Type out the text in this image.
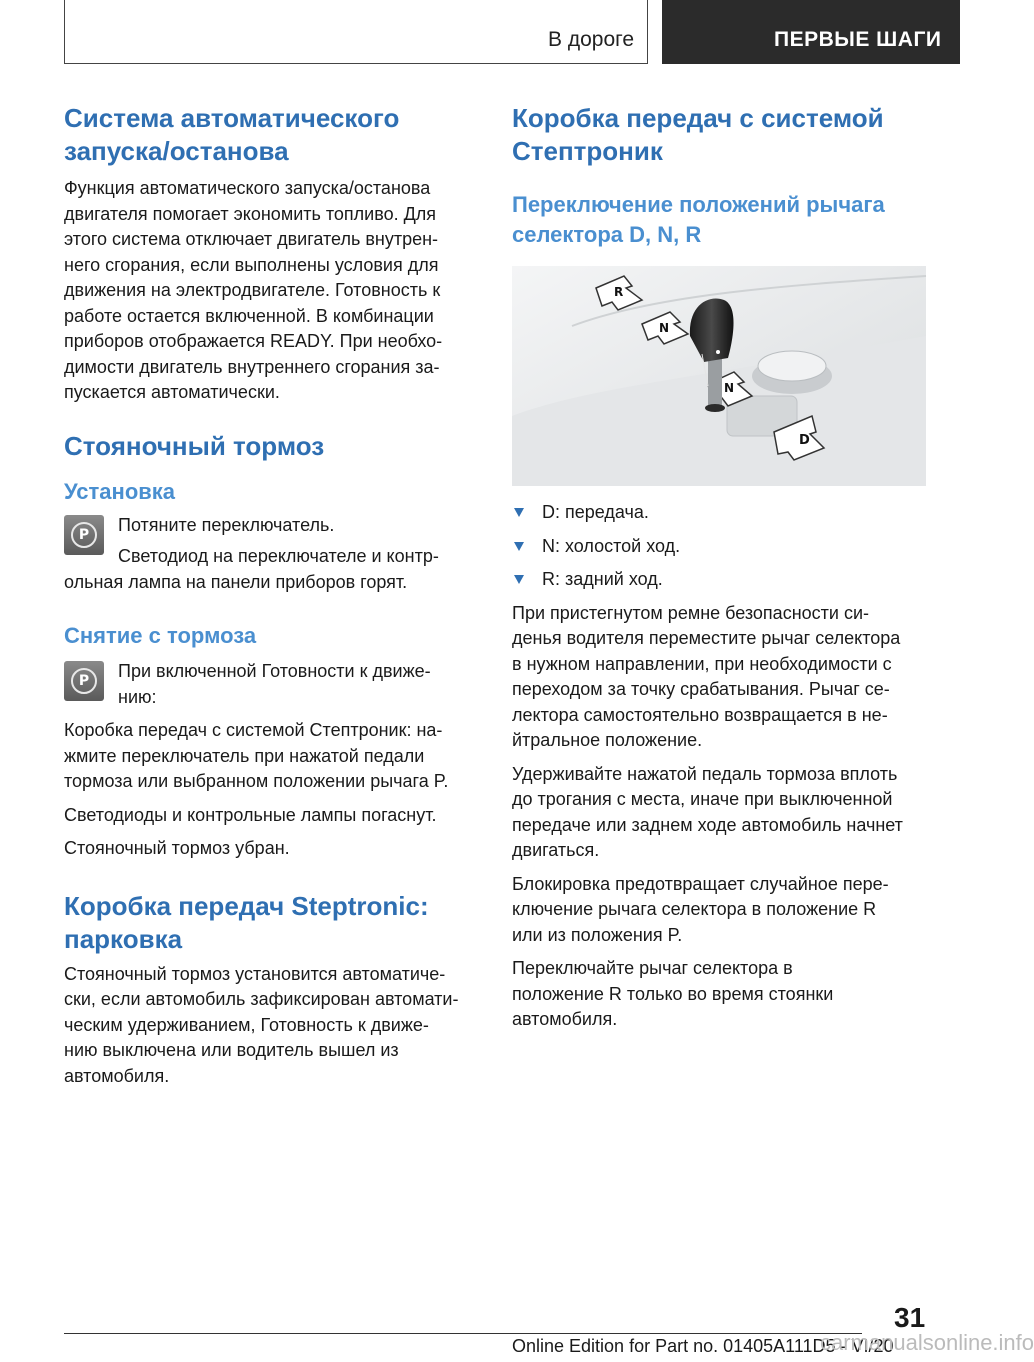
В дороге	ПЕРВЫЕ ШАГИ
Система автоматического
запуска/останова

Функция автоматического запуска/останова

двигателя помогает экономить топливо. Для

этого система отключает двигатель внутрен-

него сгорания, если выполнены условия для

движения на электродвигателе. Готовность к

работе остается включенной. В комбинации

приборов отображается READY. При необхо-

димости двигатель внутреннего сгорания за-

пускается автоматически.

Стояночный тормоз
Установка
P Потяните переключатель.

Светодиод на переключателе и контр-

ольная лампа на панели приборов горят.

Снятие с тормоза
P При включенной Готовности к движе-

нию:

Коробка передач с системой Стептроник: на-

жмите переключатель при нажатой педали

тормоза или выбранном положении рычага P.

Светодиоды и контрольные лампы погаснут.

Стояночный тормоз убран.

Коробка передач Steptronic:
парковка

Стояночный тормоз установится автоматиче-

ски, если автомобиль зафиксирован автомати-

ческим удерживанием, Готовность к движе-

нию выключена или водитель вышел из

автомобиля.

Коробка передач с системой
Стептроник
Переключение положений рычага
селектора D, N, R
R
N
N
D

D: передача.

N: холостой ход.

R: задний ход.

При пристегнутом ремне безопасности си-

денья водителя переместите рычаг селектора

в нужном направлении, при необходимости с

переходом за точку срабатывания. Рычаг се-

лектора самостоятельно возвращается в не-

йтральное положение.

Удерживайте нажатой педаль тормоза вплоть

до трогания с места, иначе при выключенной

передаче или заднем ходе автомобиль начнет

двигаться.

Блокировка предотвращает случайное пере-

ключение рычага селектора в положение R

или из положения P.

Переключайте рычаг селектора в

положение R только во время стоянки

автомобиля.

31
Online Edition for Part no. 01405A111D5 - VI/20
carmanualsonline.info
